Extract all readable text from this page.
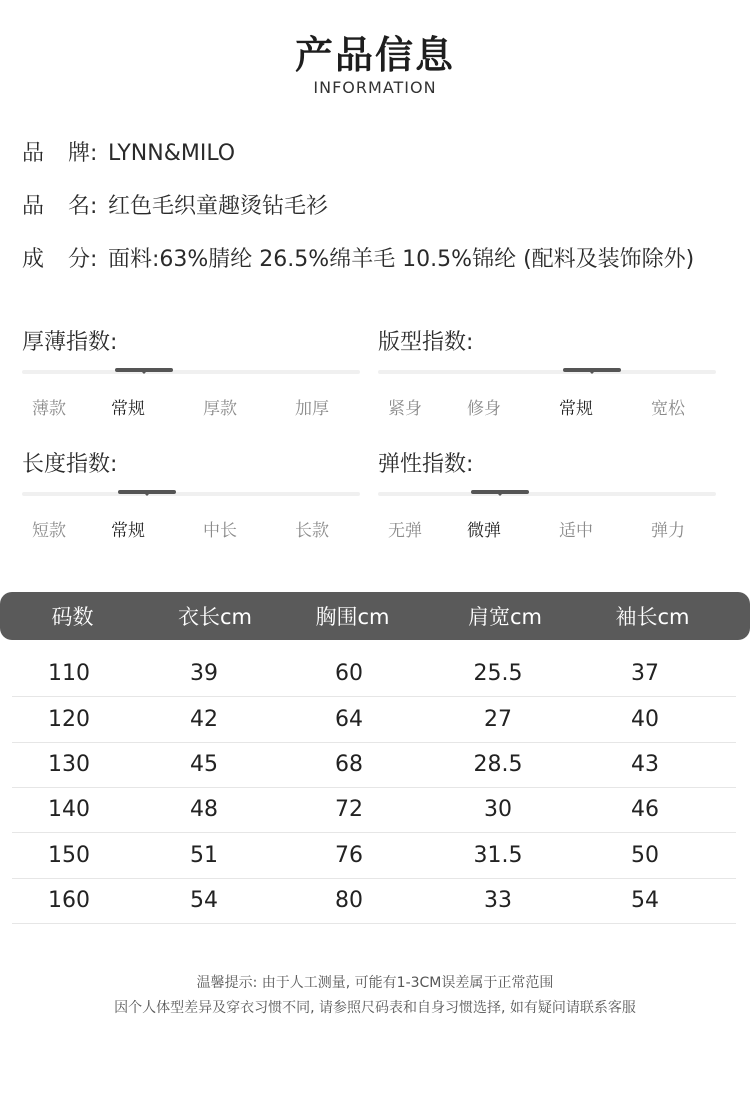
产品信息
INFORMATION
品 牌: LYNN&MILO
品 名: 红色毛织童趣烫钻毛衫
成 分: 面料:63%腈纶 26.5%绵羊毛 10.5%锦纶 (配料及装饰除外)
厚薄指数:
薄款	常规	厚款	加厚
版型指数:
紧身	修身	常规	宽松
长度指数:
短款	常规	中长	长款
弹性指数:
无弹	微弹	适中	弹力
码数	衣长cm	胸围cm	肩宽cm	袖长cm
110	39	60	25.5	37
120	42	64	27	40
130	45	68	28.5	43
140	48	72	30	46
150	51	76	31.5	50
160	54	80	33	54
温馨提示: 由于人工测量, 可能有1-3CM误差属于正常范围
因个人体型差异及穿衣习惯不同, 请参照尺码表和自身习惯选择, 如有疑问请联系客服
